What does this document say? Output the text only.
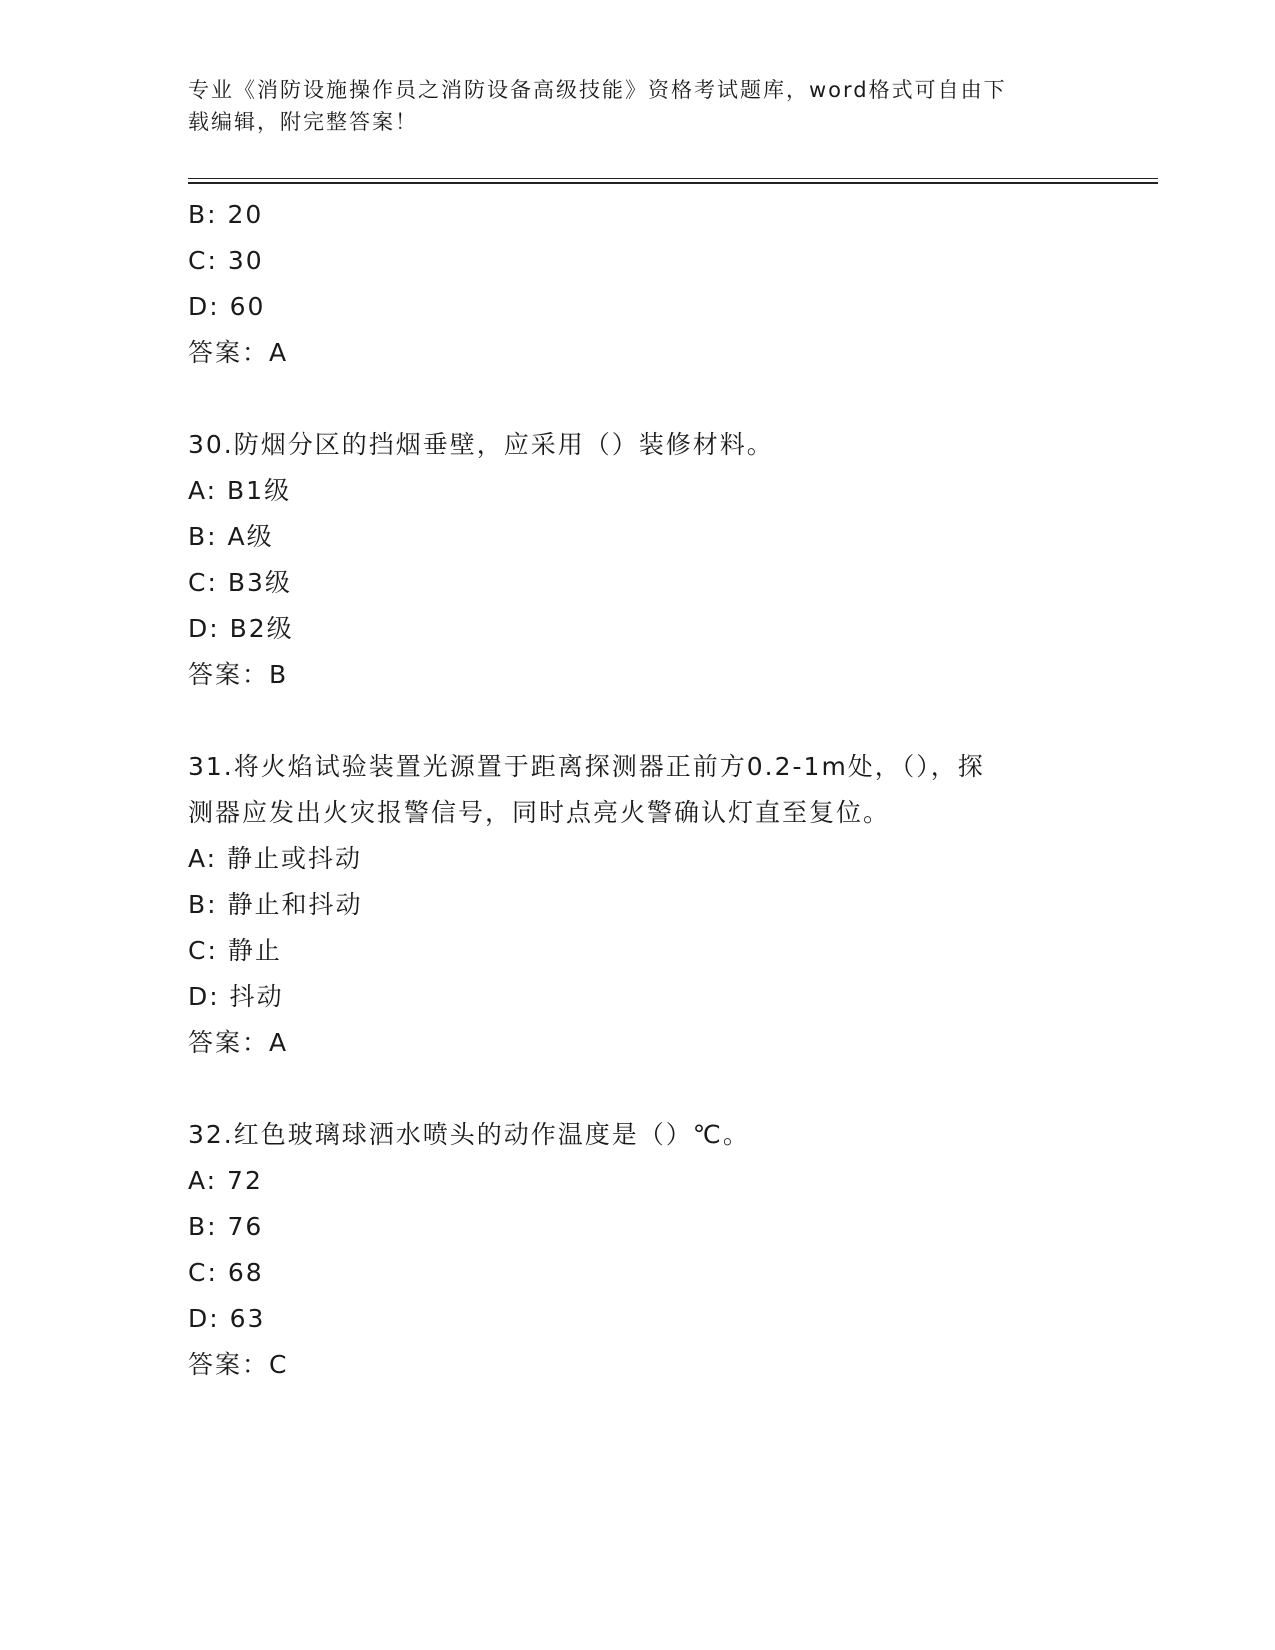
专业《消防设施操作员之消防设备高级技能》资格考试题库，word格式可自由下
载编辑，附完整答案！
B: 20
C: 30
D: 60
答案：A
30.防烟分区的挡烟垂壁，应采用（）装修材料。
A: B1级
B: A级
C: B3级
D: B2级
答案：B
31.将火焰试验装置光源置于距离探测器正前方0.2-1m处，（），探
测器应发出火灾报警信号，同时点亮火警确认灯直至复位。
A: 静止或抖动
B: 静止和抖动
C: 静止
D: 抖动
答案：A
32.红色玻璃球洒水喷头的动作温度是（）℃。
A: 72
B: 76
C: 68
D: 63
答案：C
